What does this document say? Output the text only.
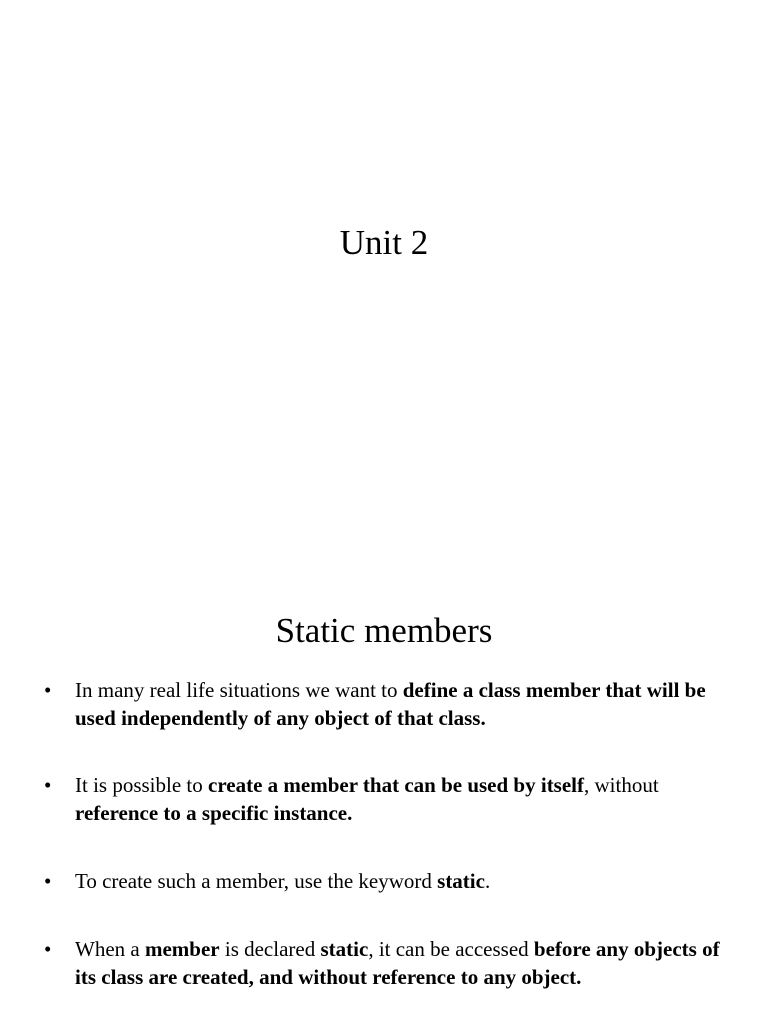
Unit 2
Static members
• In many real life situations we want to define a class member that will be used independently of any object of that class.
• It is possible to create a member that can be used by itself, without reference to a specific instance.
• To create such a member, use the keyword static.
• When a member is declared static, it can be accessed before any objects of its class are created, and without reference to any object.
